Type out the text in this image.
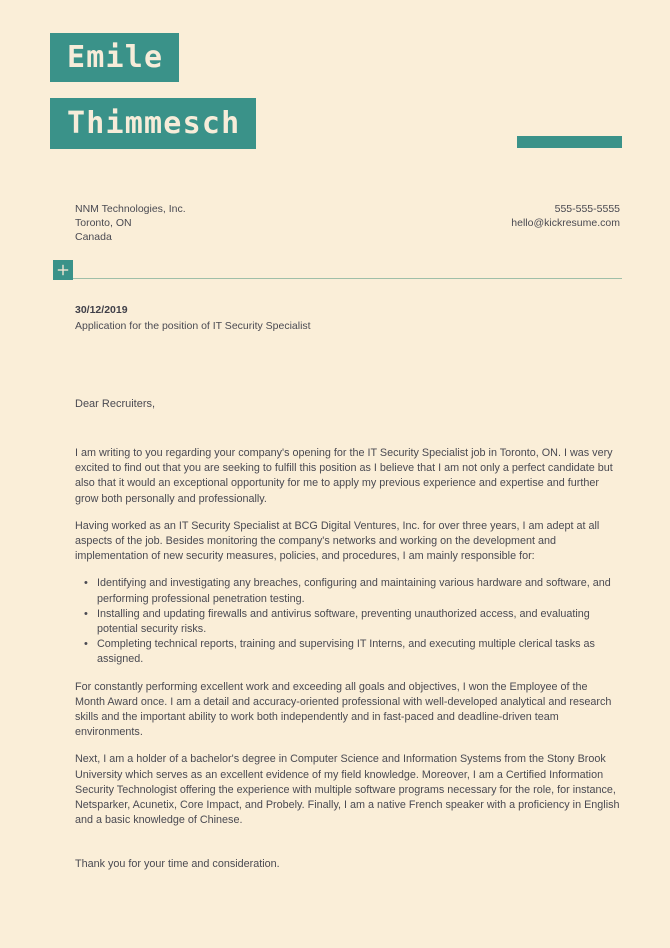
Emile
Thimmesch
NNM Technologies, Inc.
Toronto, ON
Canada
555-555-5555
hello@kickresume.com
30/12/2019
Application for the position of IT Security Specialist
Dear Recruiters,

I am writing to you regarding your company's opening for the IT Security Specialist job in Toronto, ON. I was very excited to find out that you are seeking to fulfill this position as I believe that I am not only a perfect candidate but also that it would an exceptional opportunity for me to apply my previous experience and expertise and further grow both personally and professionally.

Having worked as an IT Security Specialist at BCG Digital Ventures, Inc. for over three years, I am adept at all aspects of the job. Besides monitoring the company's networks and working on the development and implementation of new security measures, policies, and procedures, I am mainly responsible for:

• Identifying and investigating any breaches, configuring and maintaining various hardware and software, and performing professional penetration testing.
• Installing and updating firewalls and antivirus software, preventing unauthorized access, and evaluating potential security risks.
• Completing technical reports, training and supervising IT Interns, and executing multiple clerical tasks as assigned.

For constantly performing excellent work and exceeding all goals and objectives, I won the Employee of the Month Award once. I am a detail and accuracy-oriented professional with well-developed analytical and research skills and the important ability to work both independently and in fast-paced and deadline-driven team environments.

Next, I am a holder of a bachelor's degree in Computer Science and Information Systems from the Stony Brook University which serves as an excellent evidence of my field knowledge. Moreover, I am a Certified Information Security Technologist offering the experience with multiple software programs necessary for the role, for instance, Netsparker, Acunetix, Core Impact, and Probely. Finally, I am a native French speaker with a proficiency in English and a basic knowledge of Chinese.

Thank you for your time and consideration.
